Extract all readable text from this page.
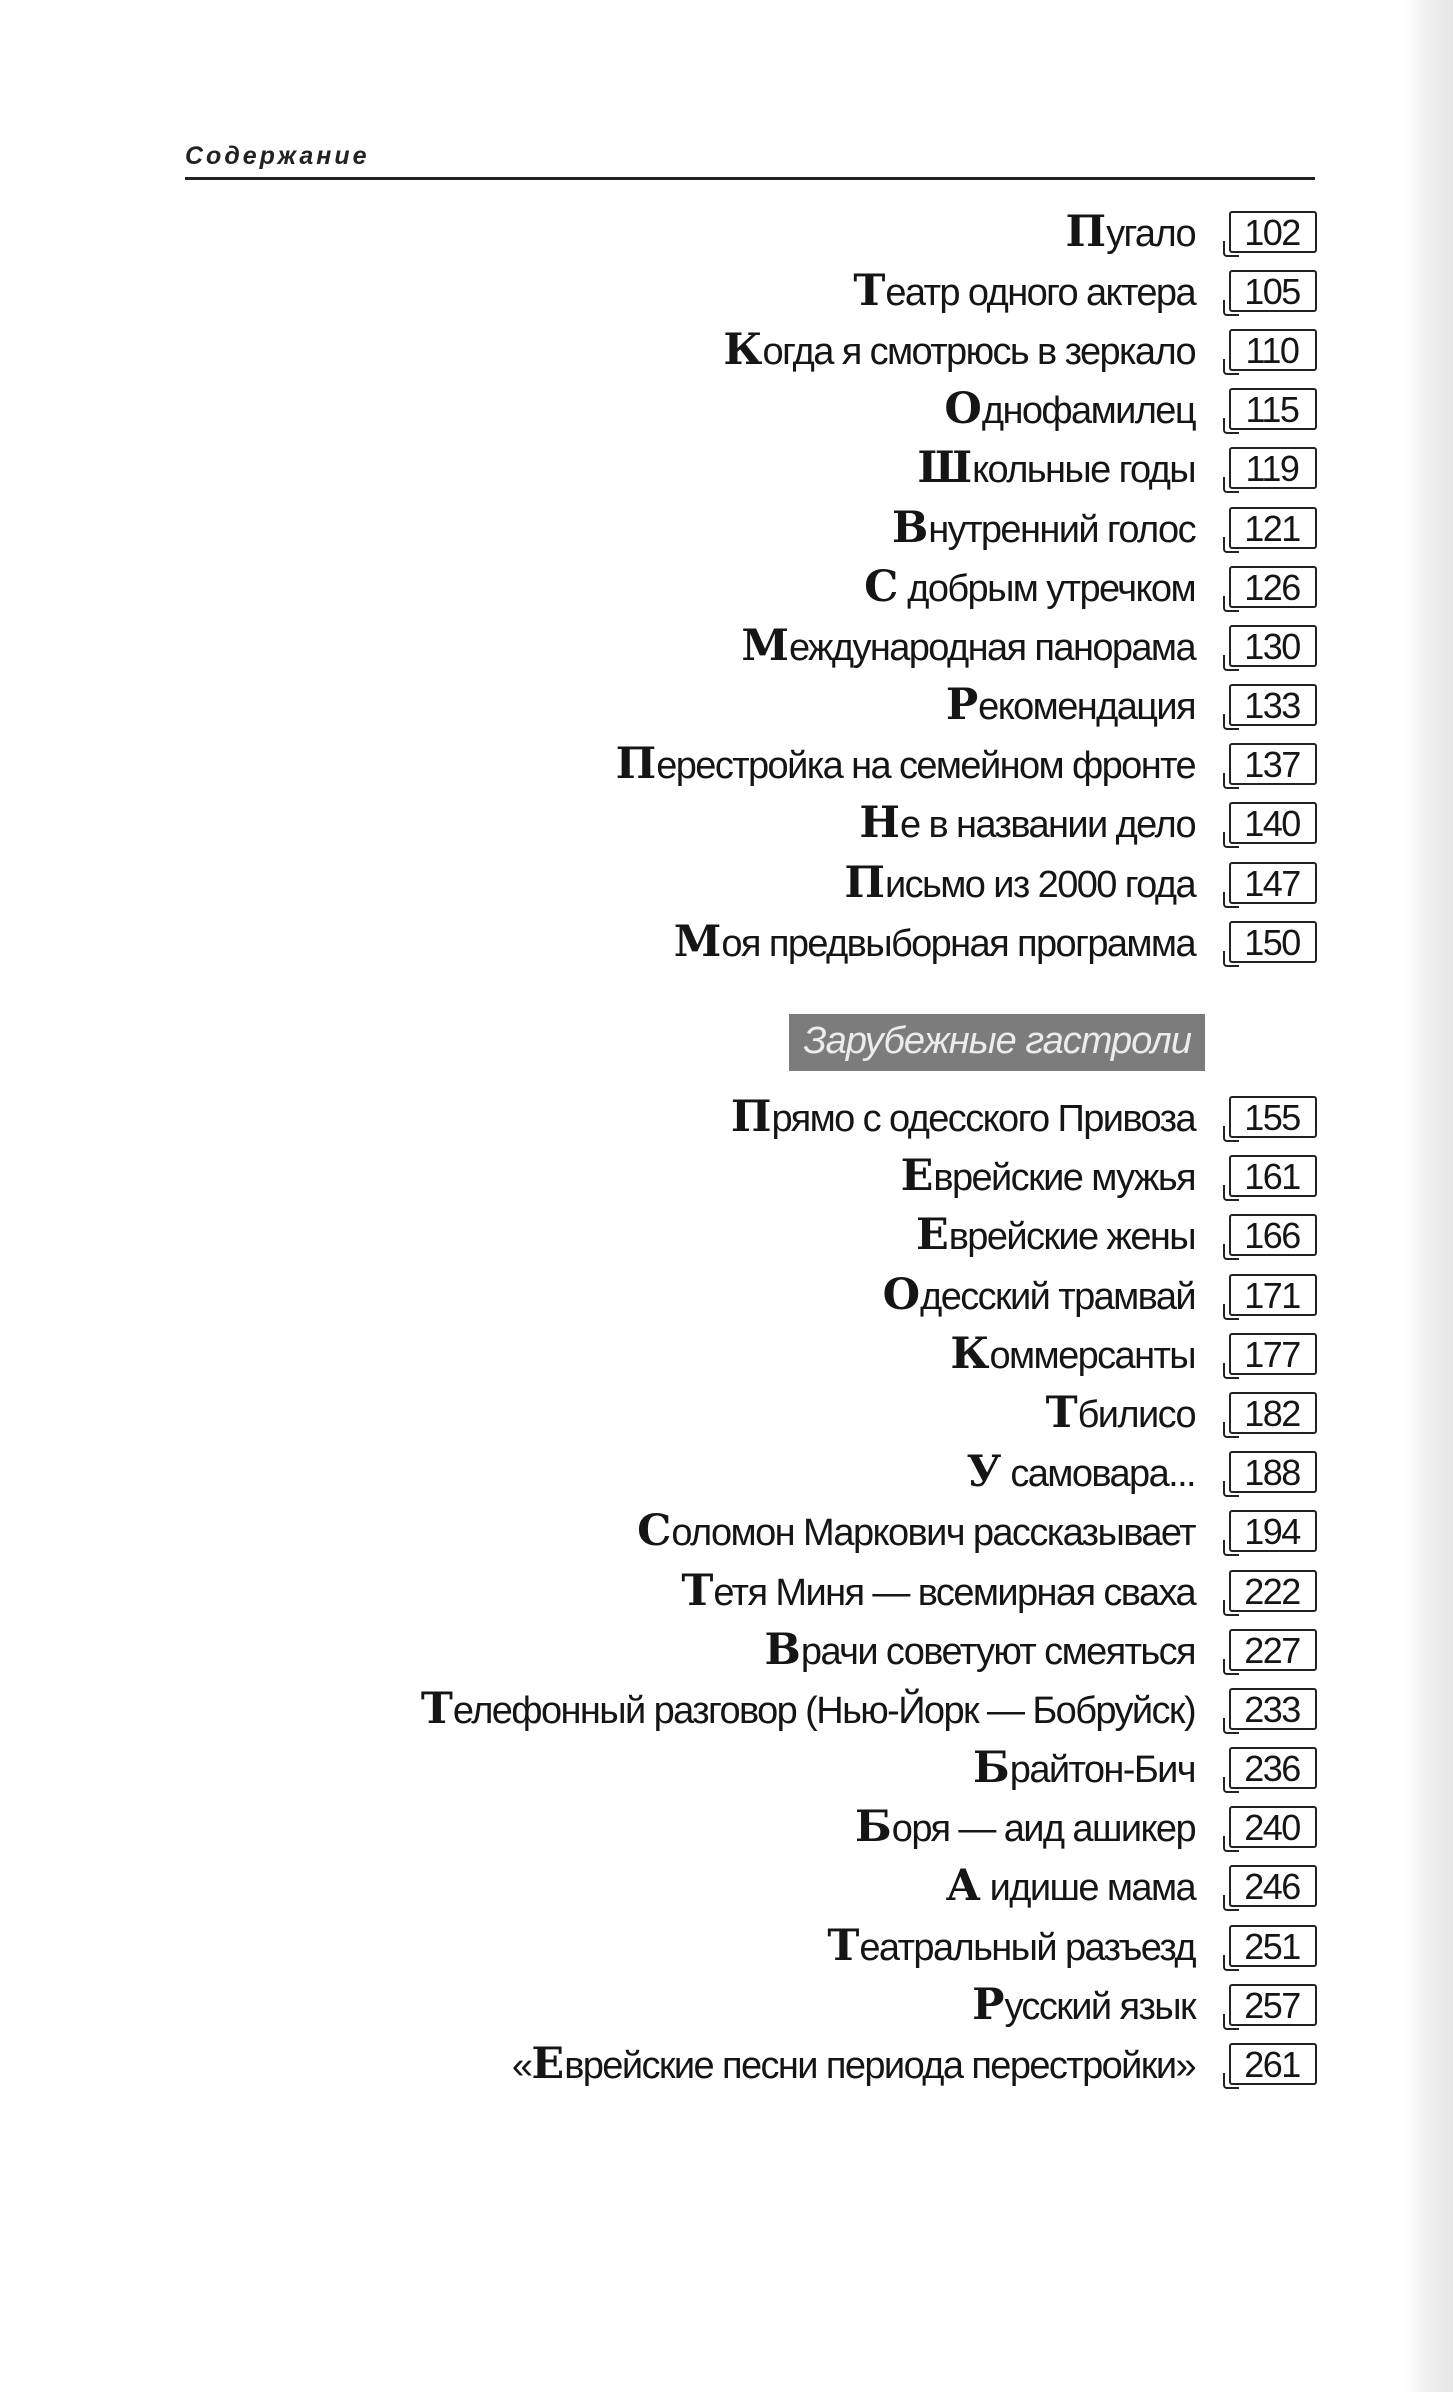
Содержание
Пугало	102
Театр одного актера	105
Когда я смотрюсь в зеркало	110
Однофамилец	115
Школьные годы	119
Внутренний голос	121
С добрым утречком	126
Международная панорама	130
Рекомендация	133
Перестройка на семейном фронте	137
Не в названии дело	140
Письмо из 2000 года	147
Моя предвыборная программа	150
Зарубежные гастроли
Прямо с одесского Привоза	155
Еврейские мужья	161
Еврейские жены	166
Одесский трамвай	171
Коммерсанты	177
Тбилисо	182
У самовара...	188
Соломон Маркович рассказывает	194
Тетя Миня — всемирная сваха	222
Врачи советуют смеяться	227
Телефонный разговор (Нью-Йорк — Бобруйск)	233
Брайтон-Бич	236
Боря — аид ашикер	240
А идише мама	246
Театральный разъезд	251
Русский язык	257
«Еврейские песни периода перестройки»	261
